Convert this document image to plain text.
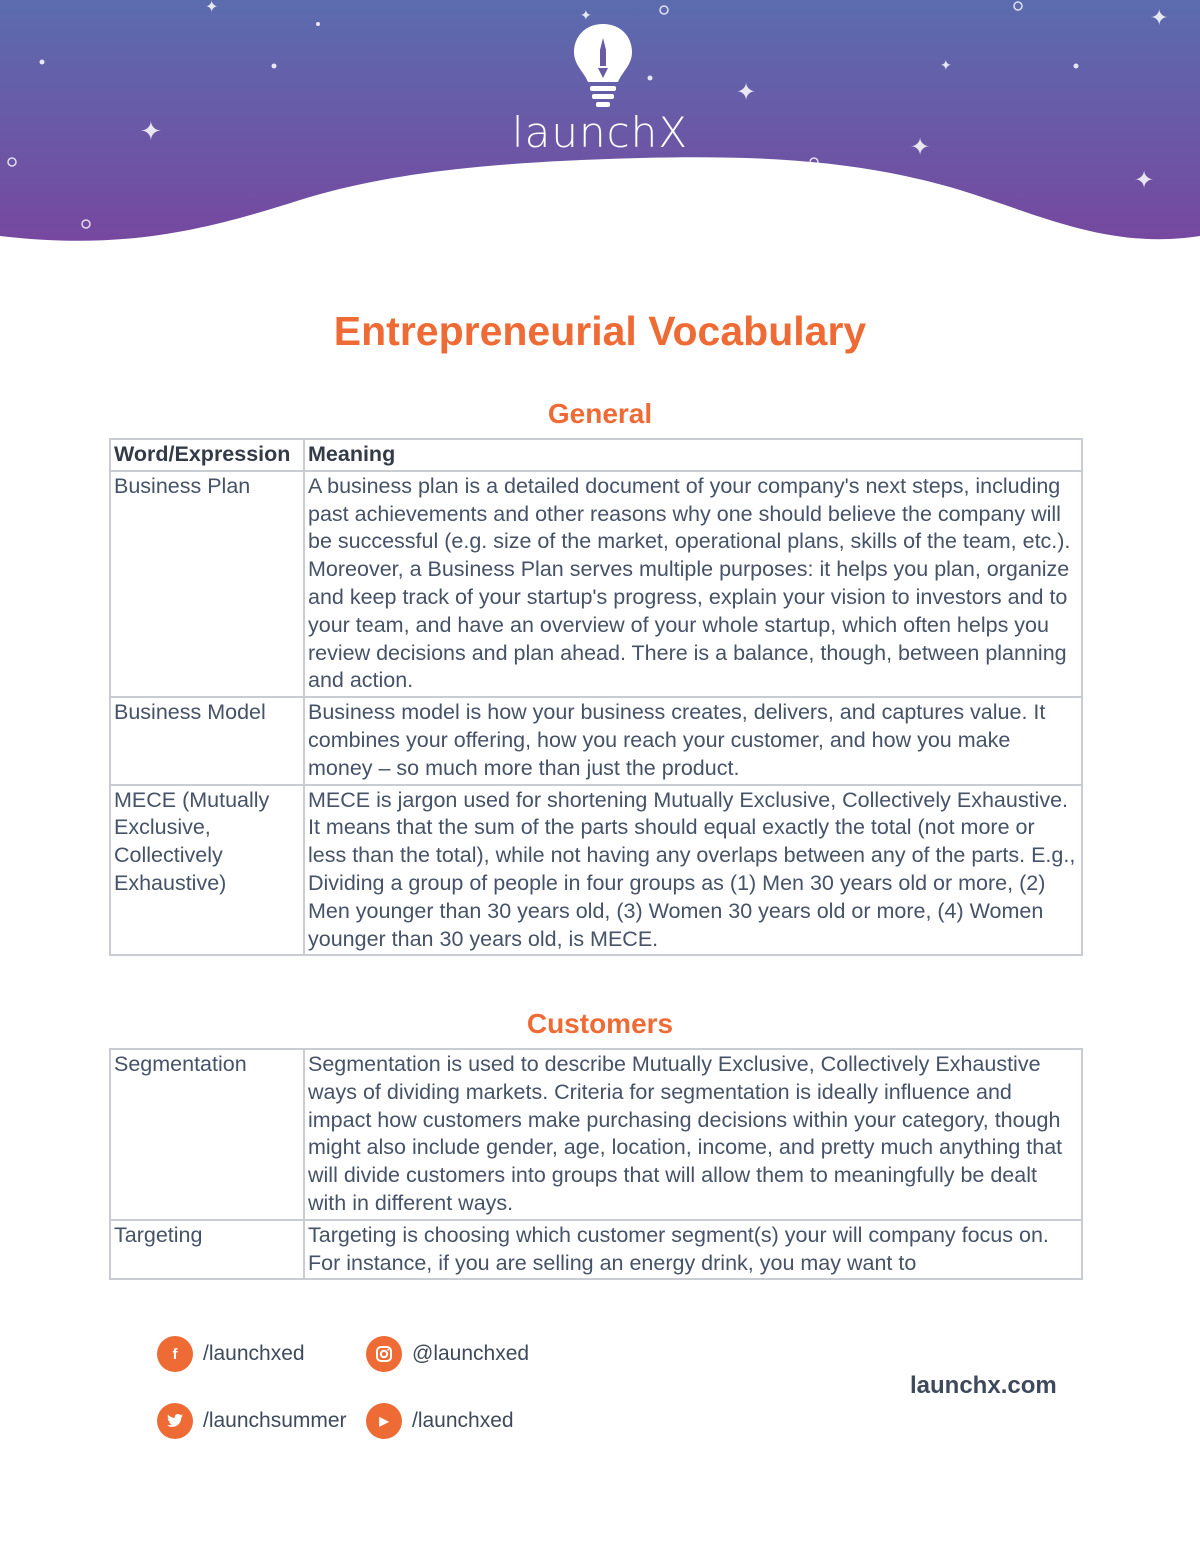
✦
✦
✦
✦
✦
✦
✦
✦
launchX
Entrepreneurial Vocabulary
General
Word/Expression	Meaning
Business Plan	A business plan is a detailed document of your company's next steps, including past achievements and other reasons why one should believe the company will be successful (e.g. size of the market, operational plans, skills of the team, etc.). Moreover, a Business Plan serves multiple purposes: it helps you plan, organize and keep track of your startup's progress, explain your vision to investors and to your team, and have an overview of your whole startup, which often helps you review decisions and plan ahead. There is a balance, though, between planning and action.
Business Model	Business model is how your business creates, delivers, and captures value. It combines your offering, how you reach your customer, and how you make money – so much more than just the product.
MECE (Mutually Exclusive, Collectively Exhaustive)	MECE is jargon used for shortening Mutually Exclusive, Collectively Exhaustive. It means that the sum of the parts should equal exactly the total (not more or less than the total), while not having any overlaps between any of the parts. E.g., Dividing a group of people in four groups as (1) Men 30 years old or more, (2) Men younger than 30 years old, (3) Women 30 years old or more, (4) Women younger than 30 years old, is MECE.
Customers
Segmentation	Segmentation is used to describe Mutually Exclusive, Collectively Exhaustive ways of dividing markets. Criteria for segmentation is ideally influence and impact how customers make purchasing decisions within your category, though might also include gender, age, location, income, and pretty much anything that will divide customers into groups that will allow them to meaningfully be dealt with in different ways.
Targeting	Targeting is choosing which customer segment(s) your will company focus on. For instance, if you are selling an energy drink, you may want to
f	/launchxed	@launchxed
/launchsummer	▶	/launchxed
launchx.com
